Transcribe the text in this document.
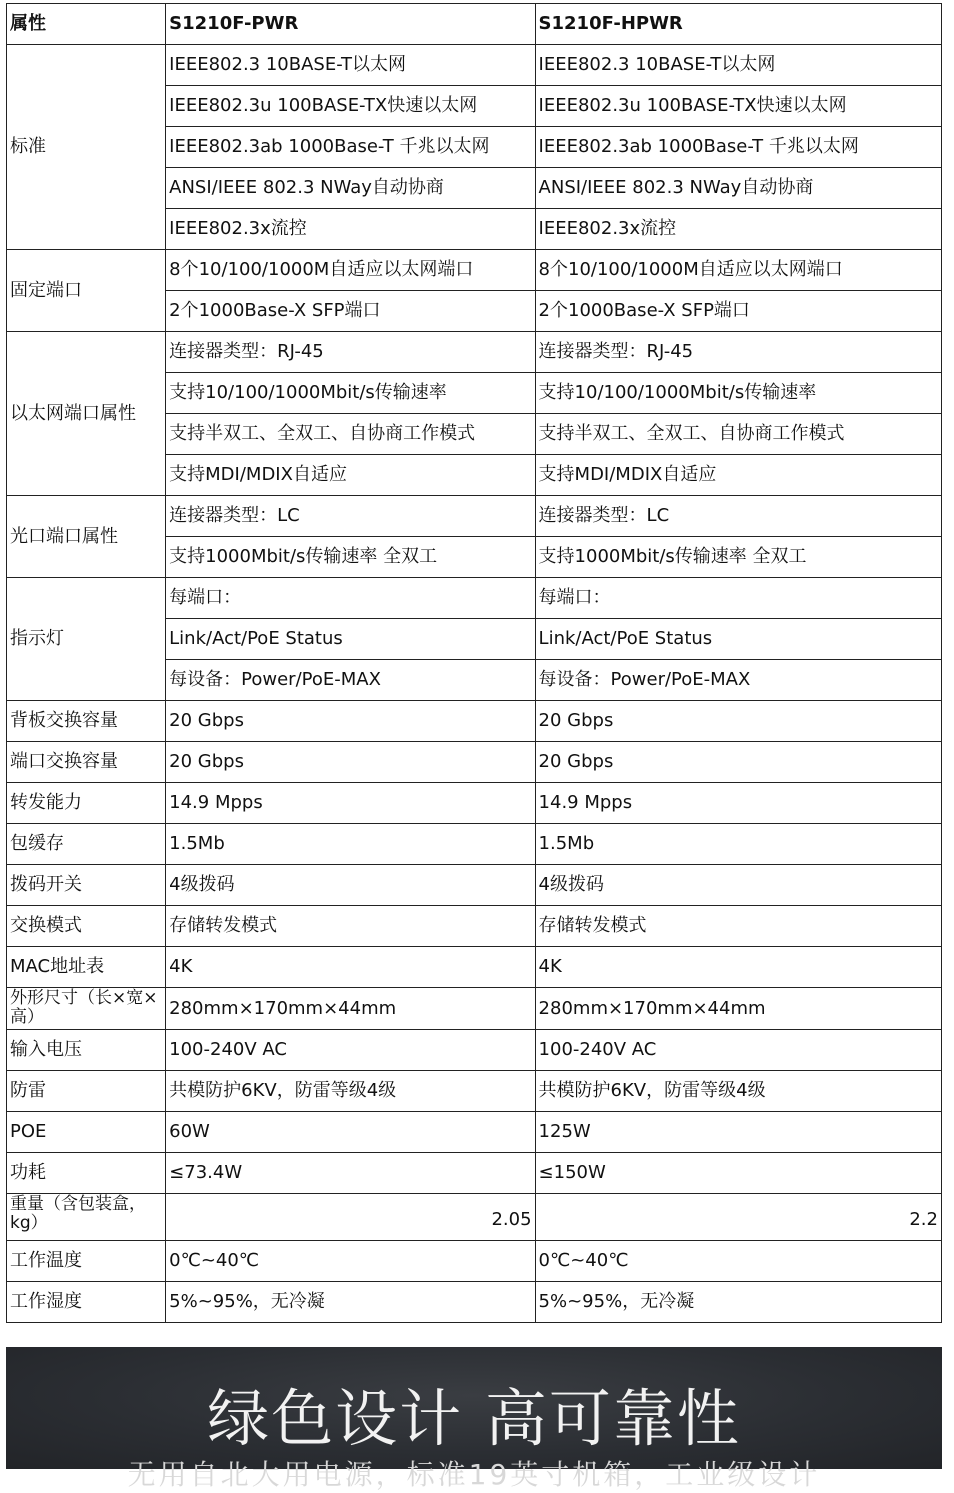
属性	S1210F-PWR	S1210F-HPWR
标准	IEEE802.3 10BASE-T以太网	IEEE802.3 10BASE-T以太网
	IEEE802.3u 100BASE-TX快速以太网	IEEE802.3u 100BASE-TX快速以太网
	IEEE802.3ab 1000Base-T 千兆以太网	IEEE802.3ab 1000Base-T 千兆以太网
	ANSI/IEEE 802.3 NWay自动协商	ANSI/IEEE 802.3 NWay自动协商
	IEEE802.3x流控	IEEE802.3x流控
固定端口	8个10/100/1000M自适应以太网端口	8个10/100/1000M自适应以太网端口
	2个1000Base-X SFP端口	2个1000Base-X SFP端口
以太网端口属性	连接器类型：RJ-45	连接器类型：RJ-45
	支持10/100/1000Mbit/s传输速率	支持10/100/1000Mbit/s传输速率
	支持半双工、全双工、自协商工作模式	支持半双工、全双工、自协商工作模式
	支持MDI/MDIX自适应	支持MDI/MDIX自适应
光口端口属性	连接器类型：LC	连接器类型：LC
	支持1000Mbit/s传输速率 全双工	支持1000Mbit/s传输速率 全双工
指示灯	每端口：	每端口：
	Link/Act/PoE Status	Link/Act/PoE Status
	每设备：Power/PoE-MAX	每设备：Power/PoE-MAX
背板交换容量	20 Gbps	20 Gbps
端口交换容量	20 Gbps	20 Gbps
转发能力	14.9 Mpps	14.9 Mpps
包缓存	1.5Mb	1.5Mb
拨码开关	4级拨码	4级拨码
交换模式	存储转发模式	存储转发模式
MAC地址表	4K	4K
外形尺寸（长×宽×高）	280mm×170mm×44mm	280mm×170mm×44mm
输入电压	100-240V AC	100-240V AC
防雷	共模防护6KV，防雷等级4级	共模防护6KV，防雷等级4级
POE	60W	125W
功耗	≤73.4W	≤150W
重量（含包装盒，kg）	2.05	2.2
工作温度	0℃~40℃	0℃~40℃
工作湿度	5%~95%，无冷凝	5%~95%，无冷凝
绿色设计 高可靠性
无用自北大用电源，标准19英寸机箱，工业级设计
